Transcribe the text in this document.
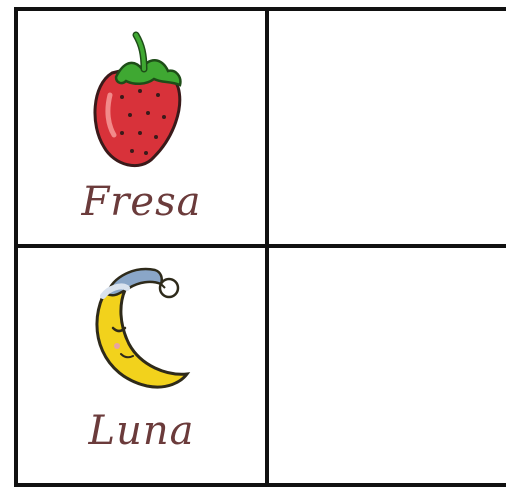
Fresa
Luna
